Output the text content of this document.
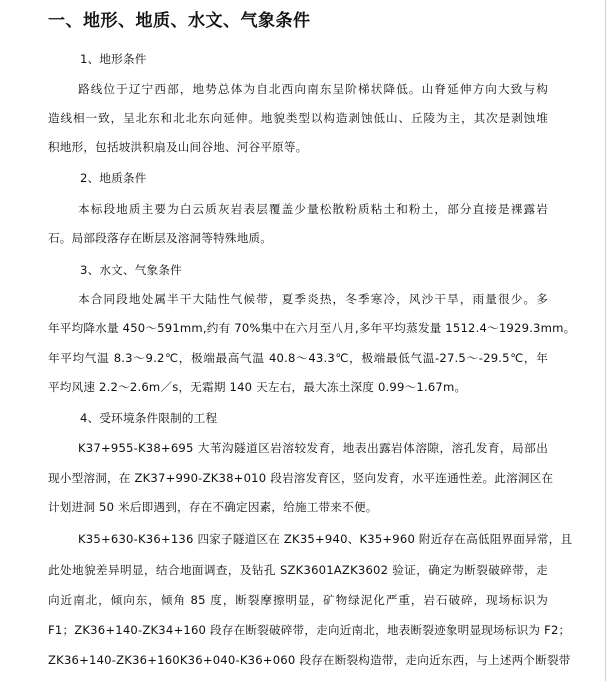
一、地形、地质、水文、气象条件
1、地形条件
路线位于辽宁西部，地势总体为自北西向南东呈阶梯状降低。山脊延伸方向大致与构
造线相一致，呈北东和北北东向延伸。地貌类型以构造剥蚀低山、丘陵为主，其次是剥蚀堆
积地形，包括坡洪积扇及山间谷地、河谷平原等。
2、地质条件
本标段地质主要为白云质灰岩表层覆盖少量松散粉质粘土和粉土，部分直接是裸露岩
石。局部段落存在断层及溶洞等特殊地质。
3、水文、气象条件
本合同段地处属半干大陆性气候带，夏季炎热，冬季寒冷，风沙干旱，雨量很少。多
年平均降水量 450～591mm,约有 70%集中在六月至八月,多年平均蒸发量 1512.4～1929.3mm。
年平均气温 8.3～9.2℃，极端最高气温 40.8～43.3℃，极端最低气温-27.5～-29.5℃，年
平均风速 2.2～2.6m／s，无霜期 140 天左右，最大冻土深度 0.99～1.67m。
4、受环境条件限制的工程
K37+955-K38+695 大苇沟隧道区岩溶较发育，地表出露岩体溶隙，溶孔发育，局部出
现小型溶洞，在 ZK37+990-ZK38+010 段岩溶发育区，竖向发育，水平连通性差。此溶洞区在
计划进洞 50 米后即遇到，存在不确定因素，给施工带来不便。
K35+630-K36+136 四家子隧道区在 ZK35+940、K35+960 附近存在高低阻界面异常，且
此处地貌差异明显，结合地面调查，及钻孔 SZK3601AZK3602 验证，确定为断裂破碎带，走
向近南北，倾向东，倾角 85 度，断裂摩擦明显，矿物绿泥化严重，岩石破碎，现场标识为
F1；ZK36+140-ZK34+160 段存在断裂破碎带，走向近南北，地表断裂迹象明显现场标识为 F2；
ZK36+140-ZK36+160K36+040-K36+060 段存在断裂构造带，走向近东西，与上述两个断裂带
